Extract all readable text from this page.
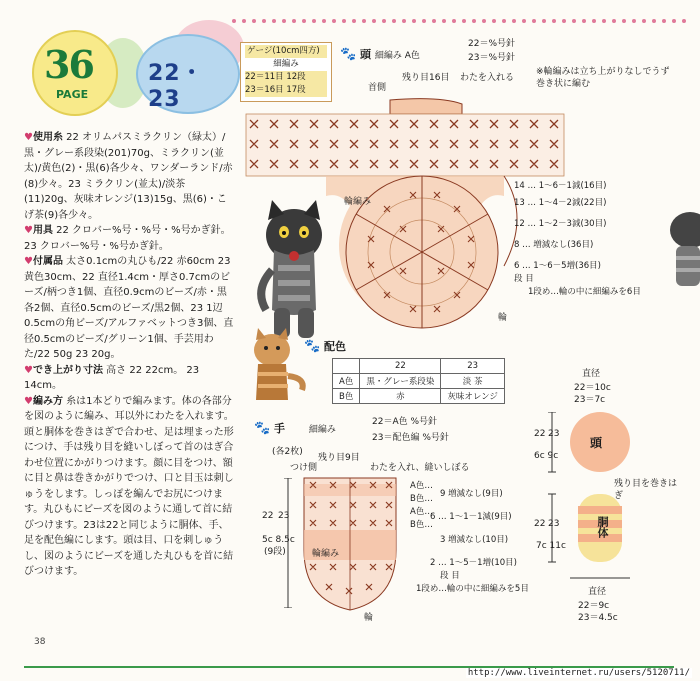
36
PAGE
22・23

♥使用糸 22 オリムパスミラクリン（緑太）/黒・グレー系段染(201)70g、ミラクリン(並太)/黄色(2)・黒(6)各少々、ワンダーランド/赤(8)少々。23 ミラクリン(並太)/淡茶(11)20g、灰味オレンジ(13)15g、黒(6)・こげ茶(9)各少々。

♥用具 22 クロバー%号・%号・%号かぎ針。23 クロバー%号・%号かぎ針。

♥付属品 太さ0.1cmの丸ひも/22 赤60cm 23 黄色30cm、22 直径1.4cm・厚さ0.7cmのビーズ/柄つき1個、直径0.9cmのビーズ/赤・黒各2個、直径0.5cmのビーズ/黒2個、23 1辺0.5cmの角ビーズ/アルファベットつき3個、直径0.5cmのビーズ/グリーン1個、手芸用わた/22 50g 23 20g。

♥でき上がり寸法 高さ 22 22cm。 23 14cm。

♥編み方 糸は1本どりで編みます。体の各部分を図のように編み、耳以外にわたを入れます。頭と胴体を巻きはぎで合わせ、足は埋まった形につけ、手は残り目を縫いしぼって首のはぎ合わせ位置にかがりつけます。顔に目をつけ、額に目と鼻は巻きかがりでつけ、口と目玉は刺しゅうをします。しっぽを編んでお尻につけます。丸ひもにビーズを図のように通して首に結びつけます。23は22と同じように胴体、手、足を配色編にします。頭は目、口を刺しゅうし、図のようにビーズを通した丸ひもを首に結びつけます。

ゲージ(10cm四方)
細編み
22＝11目 12段
23＝16目 17段
🐾 頭 細編み A色
22＝%号針
23＝%号針
※輪編みは立ち上がりなしでうず巻き状に編む
首側
残り目16目 わたを入れる
輪編み
輪
14 … 1～6－1減(16目)
13 … 1～4－2減(22目)
12 … 1～2－3減(30目)
8 … 増減なし(36目)
6 … 1～6－5増(36目)
段 目
1段め…輪の中に細編みを6目
🐾 配色
	22	23
A色	黒・グレー系段染	淡 茶
B色	赤	灰味オレンジ
🐾 手	細編み
22＝A色 %号針
23＝配色編 %号針
(各2枚)
つけ側
残り目9目
わたを入れ、縫いしぼる
輪編み
輪
22 23
5c 8.5c
(9段)
A色…
B色…
A色…
B色…
9 増減なし(9目)
6 … 1～1－1減(9目)
3 増減なし(10目)
2 … 1～5－1増(10目)
段 目
1段め…輪の中に細編みを5目
直径
22＝10c
23＝7c
頭
22 23
6c 9c
残り目を巻きはぎ
胴体
22 23
7c 11c
直径
22＝9c
23＝4.5c
38
http://www.liveinternet.ru/users/5120711/
